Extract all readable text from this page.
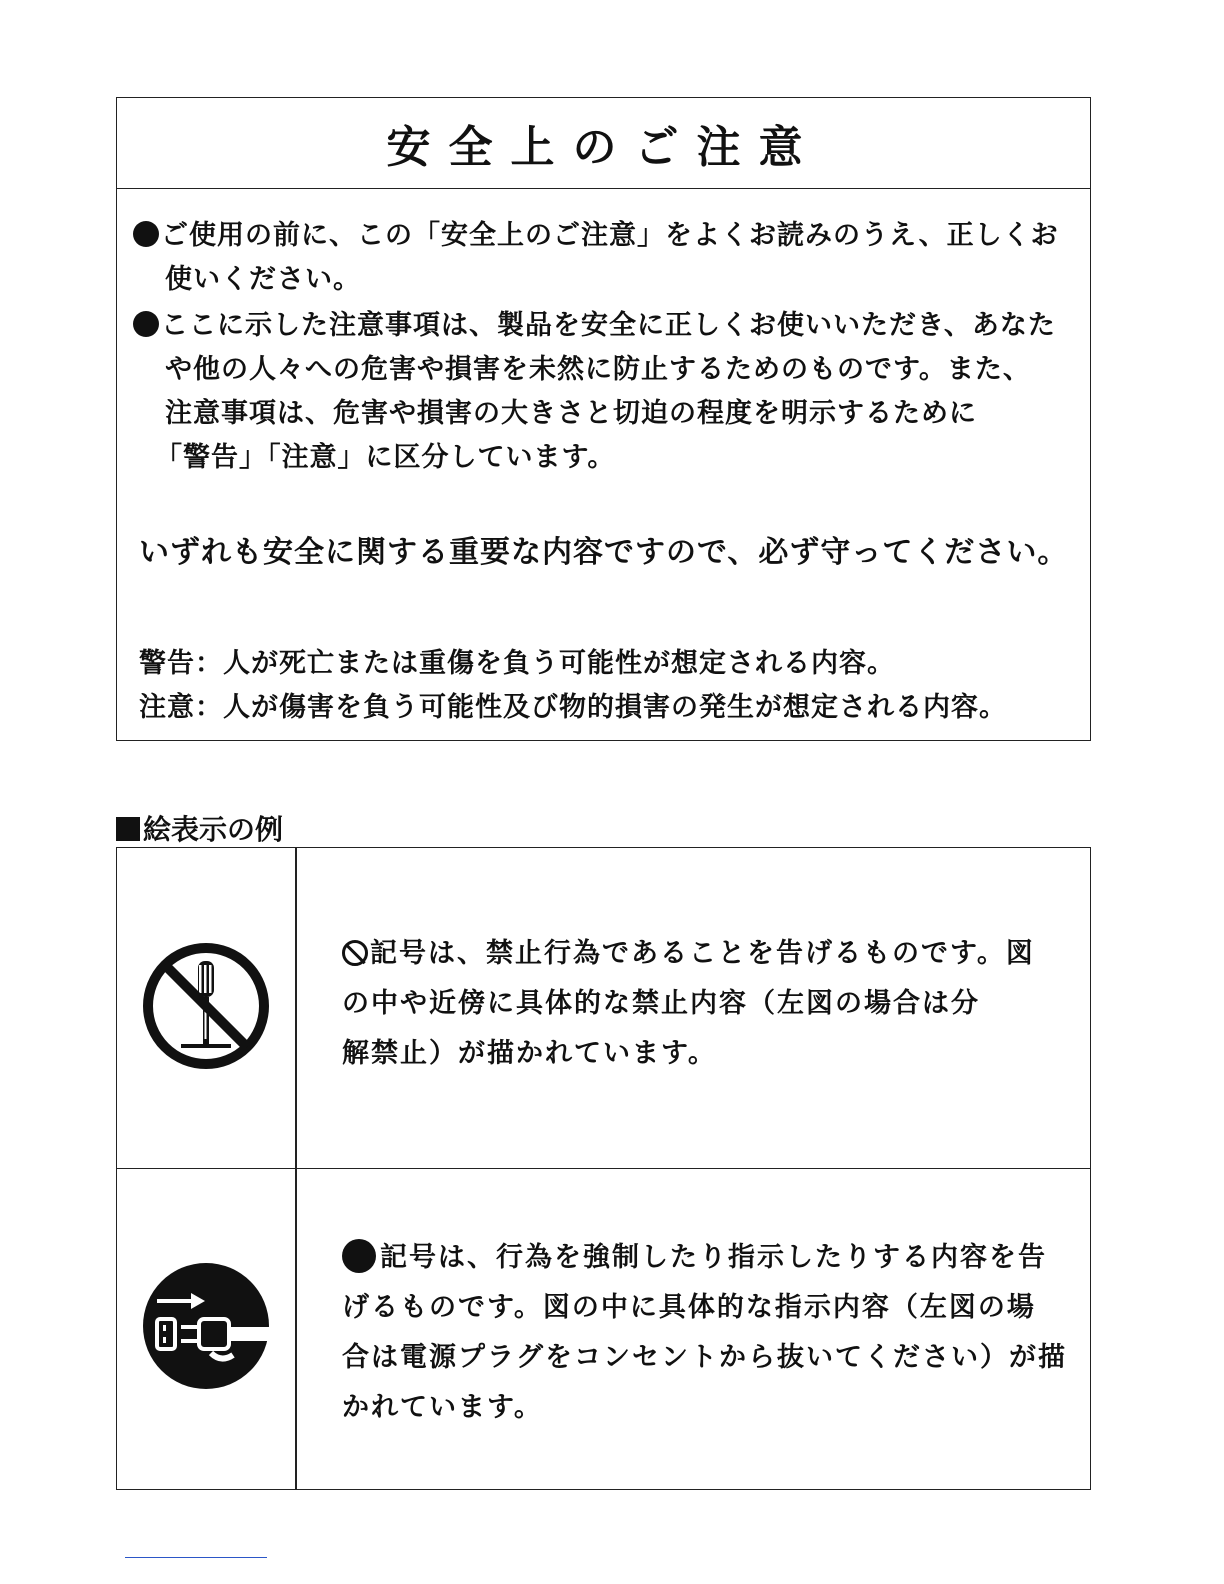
安全上のご注意
ご使用の前に、この「安全上のご注意」をよくお読みのうえ、正しくお
使いください。
ここに示した注意事項は、製品を安全に正しくお使いいただき、あなた
や他の人々への危害や損害を未然に防止するためのものです。また、
注意事項は、危害や損害の大きさと切迫の程度を明示するために
「警告」「注意」に区分しています。
いずれも安全に関する重要な内容ですので、必ず守ってください。
警告：人が死亡または重傷を負う可能性が想定される内容。
注意：人が傷害を負う可能性及び物的損害の発生が想定される内容。
絵表示の例
記号は、禁止行為であることを告げるものです。図
の中や近傍に具体的な禁止内容（左図の場合は分
解禁止）が描かれています。
記号は、行為を強制したり指示したりする内容を告
げるものです。図の中に具体的な指示内容（左図の場
合は電源プラグをコンセントから抜いてください）が描
かれています。
